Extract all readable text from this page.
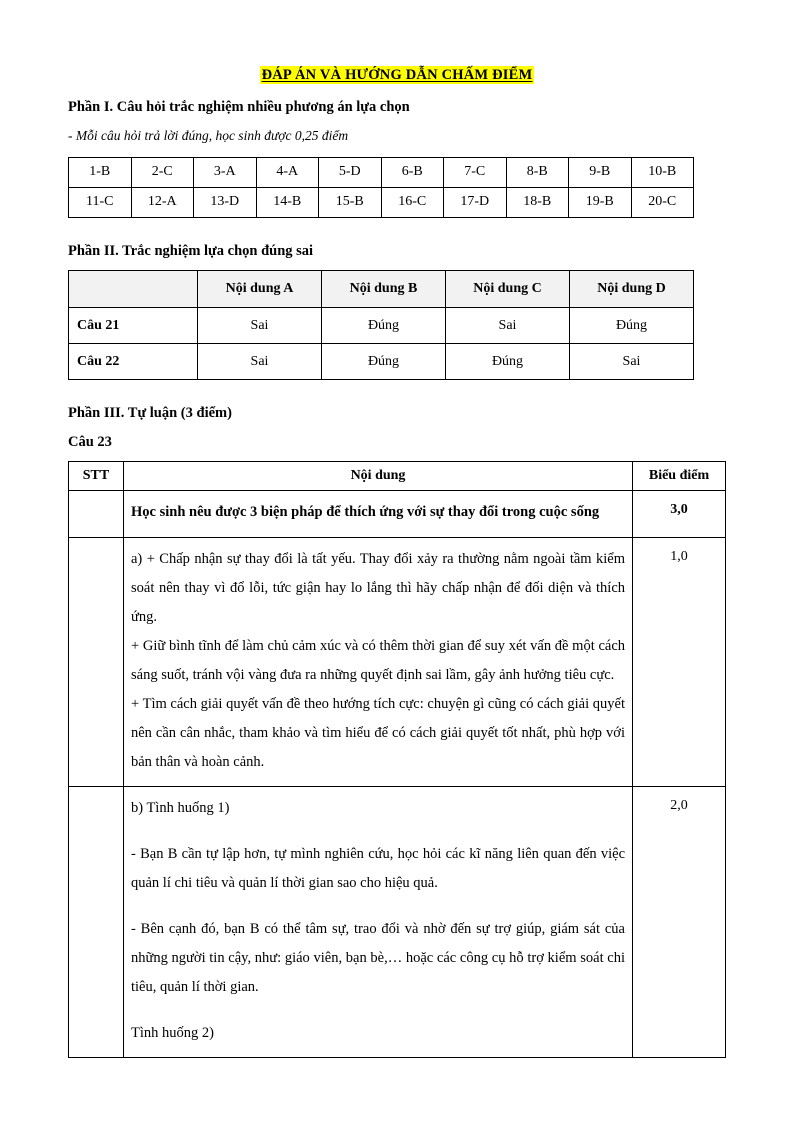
ĐÁP ÁN VÀ HƯỚNG DẪN CHẤM ĐIỂM
Phần I. Câu hỏi trắc nghiệm nhiều phương án lựa chọn
- Mỗi câu hỏi trả lời đúng, học sinh được 0,25 điểm
1-B	2-C	3-A	4-A	5-D	6-B	7-C	8-B	9-B	10-B
11-C	12-A	13-D	14-B	15-B	16-C	17-D	18-B	19-B	20-C
Phần II. Trắc nghiệm lựa chọn đúng sai
	Nội dung A	Nội dung B	Nội dung C	Nội dung D
Câu 21	Sai	Đúng	Sai	Đúng
Câu 22	Sai	Đúng	Đúng	Sai
Phần III. Tự luận (3 điểm)
Câu 23
STT	Nội dung	Biểu điểm

	Học sinh nêu được 3 biện pháp để thích ứng với sự thay đổi trong cuộc sống	3,0

	a) + Chấp nhận sự thay đổi là tất yếu. Thay đổi xảy ra thường nằm ngoài tầm kiểm soát nên thay vì đổ lỗi, tức giận hay lo lắng thì hãy chấp nhận để đối diện và thích ứng.

+ Giữ bình tĩnh để làm chủ cảm xúc và có thêm thời gian để suy xét vấn đề một cách sáng suốt, tránh vội vàng đưa ra những quyết định sai lầm, gây ảnh hưởng tiêu cực.

+ Tìm cách giải quyết vấn đề theo hướng tích cực: chuyện gì cũng có cách giải quyết nên cần cân nhắc, tham khảo và tìm hiểu để có cách giải quyết tốt nhất, phù hợp với bản thân và hoàn cảnh.	1,0

	b) Tình huống 1)

- Bạn B cần tự lập hơn, tự mình nghiên cứu, học hỏi các kĩ năng liên quan đến việc quản lí chi tiêu và quản lí thời gian sao cho hiệu quả.

- Bên cạnh đó, bạn B có thể tâm sự, trao đổi và nhờ đến sự trợ giúp, giám sát của những người tin cậy, như: giáo viên, bạn bè,… hoặc các công cụ hỗ trợ kiểm soát chi tiêu, quản lí thời gian.

Tình huống 2)	2,0
